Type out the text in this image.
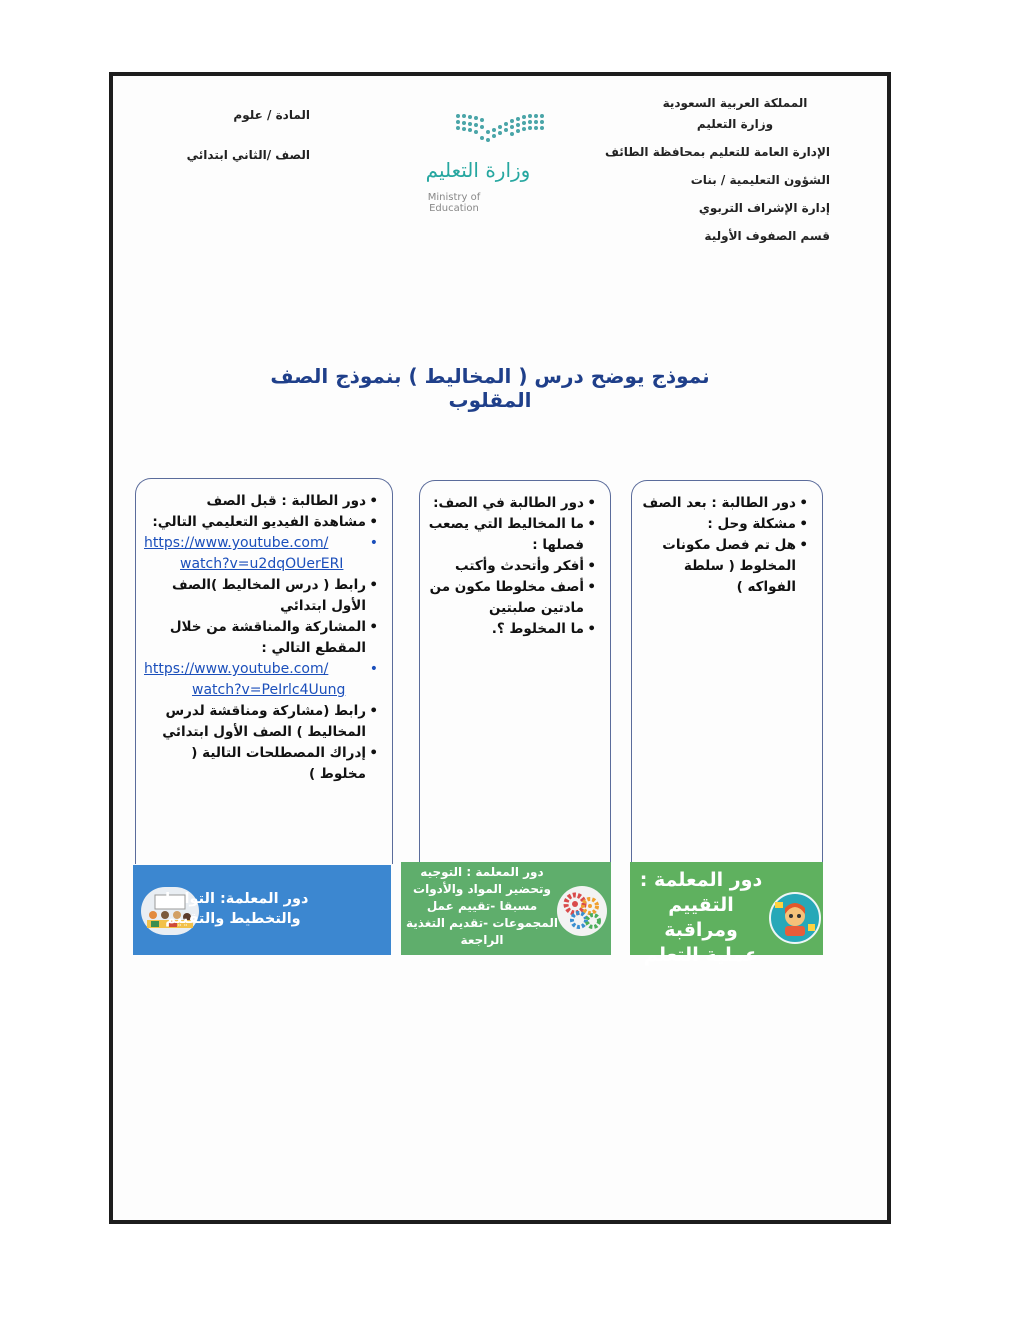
المملكة العربية السعودية
وزارة التعليم
الإدارة العامة للتعليم بمحافظة الطائف
الشؤون التعليمية / بنات
إدارة الإشراف التربوي
قسم الصفوف الأولية
المادة / علوم
الصف /الثاني ابتدائي
وزارة التعليم
Ministry of Education
نموذج يوضح درس ( المخاليط ) بنموذج الصف المقلوب
• دور الطالبة : قبل الصف
• مشاهدة الفيديو التعليمي التالي:
• https://www.youtube.com/
watch?v=u2dqOUerERI
• رابط ( درس المخاليط )الصف الأول ابتدائي
• المشاركة والمناقشة من خلال المقطع التالي :
• https://www.youtube.com/
watch?v=PeIrlc4Uung
• رابط (مشاركة ومناقشة لدرس المخاليط ) الصف الأول ابتدائي
• إدراك المصطلحات التالية ( مخلوط )
• دور الطالبة في الصف:
• ما المخاليط التي يصعب فصلها :
• أفكر وأتحدث وأكتب
• أصف مخلوطا مكون من مادتين صلبتين
• ما المخلوط ؟.
• دور الطالبة : بعد الصف
• مشكلة وحل :
• هل تم فصل مكونات المخلوط ( سلطة الفواكه )
دور المعلمة: التواصل والتخطيط والتقييم
دور المعلمة : التوجيه وتحضير المواد والأدوات مسبقا -تقييم عمل المجموعات -تقديم التغذية الراجعة
دور المعلمة : التقييم ومراقبة عملية التعلم
